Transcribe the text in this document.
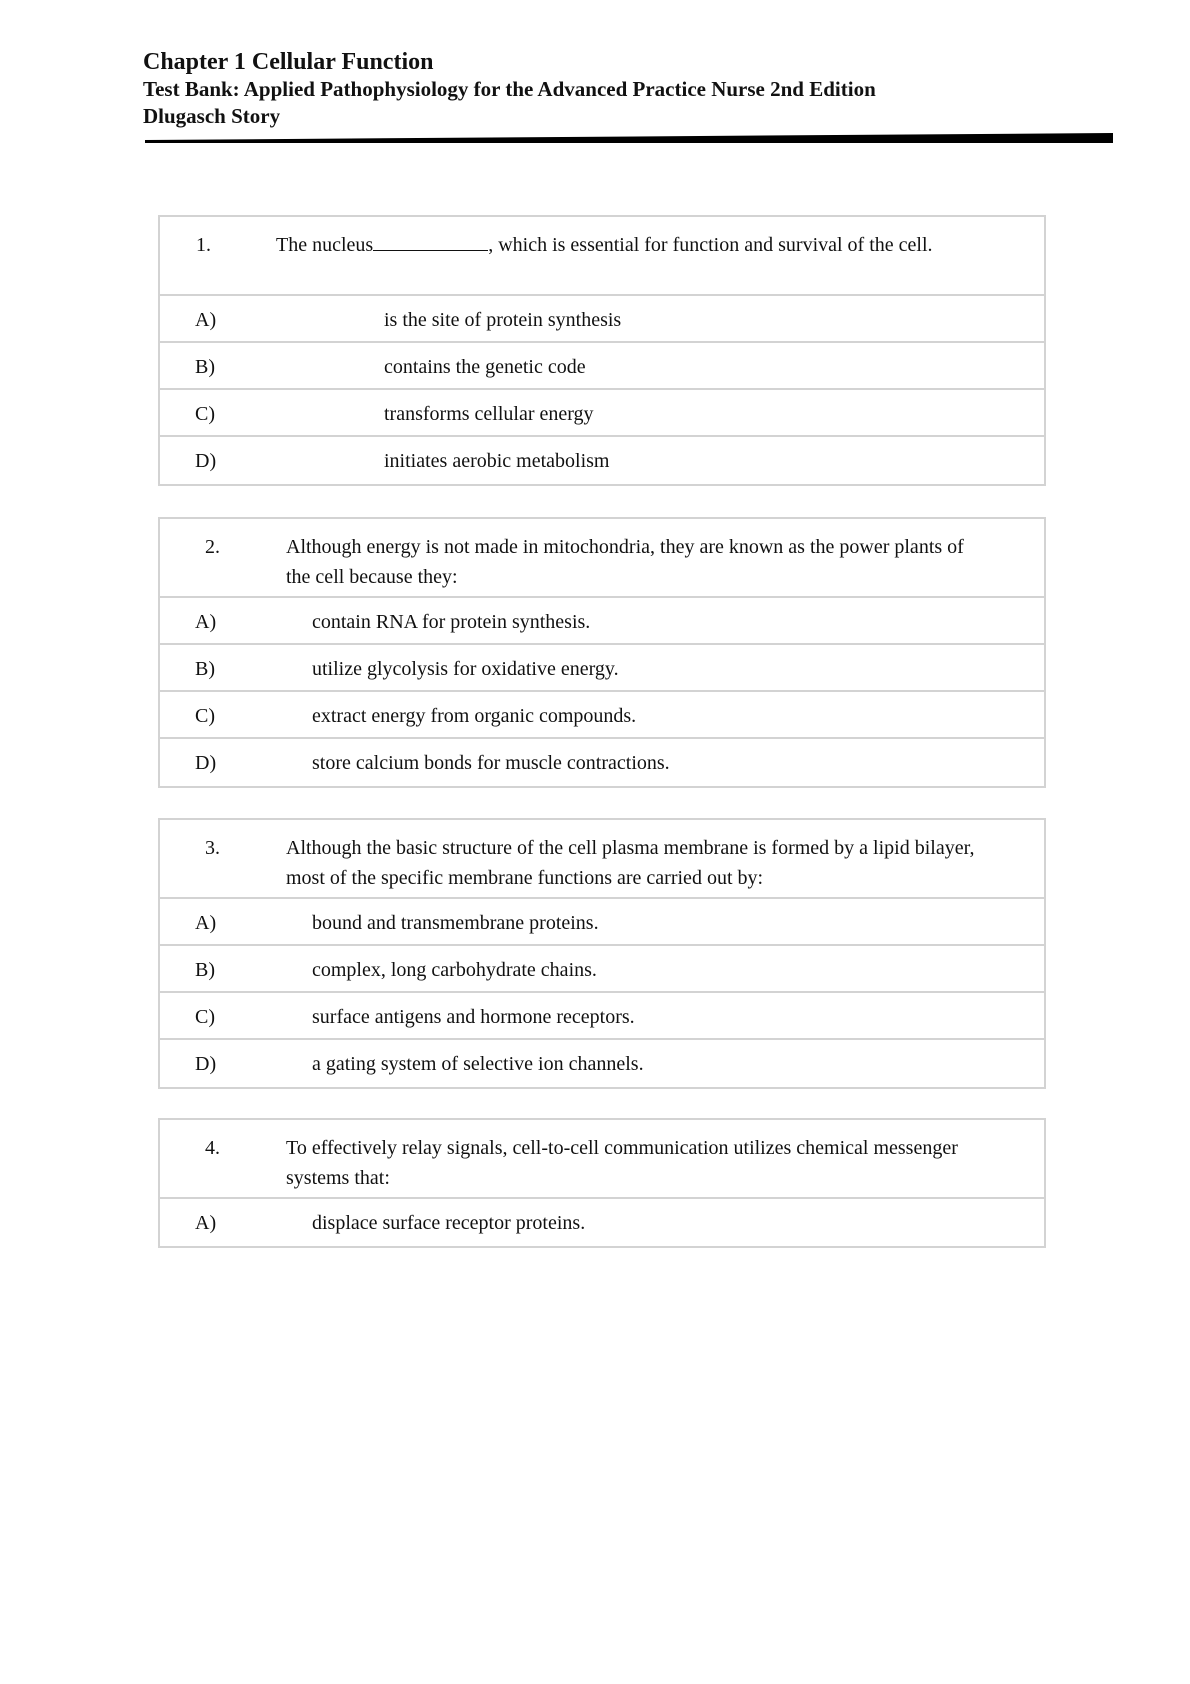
Chapter 1 Cellular Function
Test Bank: Applied Pathophysiology for the Advanced Practice Nurse 2nd Edition
Dlugasch Story
1.	The nucleus	, which is essential for function and survival of the cell.
A)	is the site of protein synthesis
B)	contains the genetic code
C)	transforms cellular energy
D)	initiates aerobic metabolism
2.	Although energy is not made in mitochondria, they are known as the power plants of the cell because they:
A)	contain RNA for protein synthesis.
B)	utilize glycolysis for oxidative energy.
C)	extract energy from organic compounds.
D)	store calcium bonds for muscle contractions.
3.	Although the basic structure of the cell plasma membrane is formed by a lipid bilayer, most of the specific membrane functions are carried out by:
A)	bound and transmembrane proteins.
B)	complex, long carbohydrate chains.
C)	surface antigens and hormone receptors.
D)	a gating system of selective ion channels.
4.	To effectively relay signals, cell-to-cell communication utilizes chemical messenger systems that:
A)	displace surface receptor proteins.
